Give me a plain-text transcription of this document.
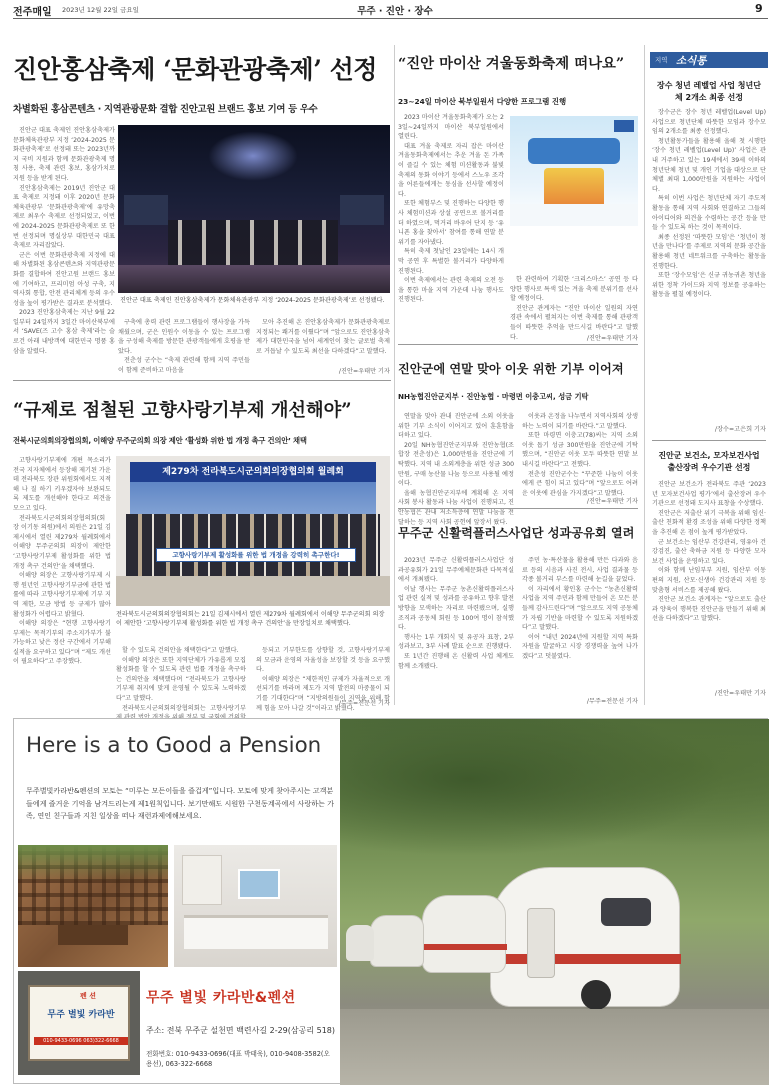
전주매일 2023년 12월 22일 금요일	무주 · 진안 · 장수	9
진안홍삼축제 ‘문화관광축제’ 선정
차별화된 홍삼콘텐츠 · 지역관광문화 결합 진안고원 브랜드 홍보 기여 등 우수

진안군 대표 축제인 진안홍삼축제가 문화체육관광부 지정 ‘2024-2025 문화관광축제’로 선정돼 또는 2023년까지 국비 지원과 함께 문화관광축제 명칭 사용, 축제 관련 홍보, 홍삼가치로 지원 등을 받게 된다.

진안홍삼축제는 2019년 진안군 대표 축제로 지정돼 이후 2020년 문화체육관광부 ‘문화관광축제’에 유망축제로 최우수 축제로 선정되었고, 이번에 2024-2025 문화관광축제로 또 한번 선정되며 명실상부 대한민국 대표축제로 자리잡았다.

군은 이번 문화관광축제 지정에 대해 차별화된 홍삼콘텐츠와 지역관광문화를 결합하여 진안고원 브랜드 홍보에 기여하고, 프리미엄 아성 구축, 지역사회 통합, 안전 관리체계 등의 우수성을 높이 평가받은 결과로 분석했다.

2023 진안홍삼축제는 지난 9월 22일부터 24일까지 3일간 마이산북부에서 ‘SAVE(즈 고수 홍삼 축제’라는 슬로건 아래 내방객에 대한민국 명품 홍삼을 알렸다.

진안군 대표 축제인 진안홍삼축제가 문화체육관광부 지정 ‘2024-2025 문화관광축제’로 선정됐다.

구축에 총력 관련 프로그램들이 행사장을 가득 채웠으며, 군은 인원수 이동을 수 있는 프로그램을 구성해 축제를 방문한 관광객들에게 호평을 받았다.

전춘성 군수는 “축제 관련해 함께 지역 주민들이 함께 준비하고 마음을

모아 추진해 온 진안홍삼축제가 문화관광축제로 지정되는 쾌거를 이뤘다”며 “앞으로도 진안홍삼축제가 대한민국을 넘어 세계인이 찾는 글로벌 축제로 거듭날 수 있도록 최선을 다하겠다”고 말했다.

/진안=우태만 기자
“진안 마이산 겨울동화축제 떠나요”
23~24일 마이산 북부일원서 다양한 프로그램 진행

2023 마이산 겨울동화축제가 오는 23일~24일까지 마이산 북부일원에서 열린다.

대표 겨울 축제로 자리 잡은 마이산 겨울동화축제에서는 추운 겨울 돈 가족이 즐길 수 있는 체험 미션활동과 불빛축제의 동화 이야기 등에서 스노우 조각을 어른들에게는 동심을 선사할 예정이다.

또한 체험부스 및 진행하는 다양한 행사 체험미션과 상설 공연으로 볼거리를 더 하였으며, 먹거리 바우어 단지 등 ‘유니폰 홍을 찾아서’ 참여를 통해 연말 분위기를 자아냈다.

특히 축제 첫날인 23일에는 14시 개막 공연 후 특별한 볼거리가 다양하게 진행된다.

이번 축제에서는 관련 축제의 오전 등을 통한 마을 지역 가운데 나눔 행사도 진행된다.

한 관련하여 기획한 ‘크리스마스’ 공연 등 다양한 행사로 특색 있는 겨울 축제 분위기를 선사할 예정이다.

진안군 관계자는 “진안 마이산 일원의 자연 경관 속에서 펼쳐지는 이번 축제를 통해 관광객들이 따뜻한 추억을 만드시길 바란다”고 말했다.	/진안=우태만 기자
진안군에 연말 맞아 이웃 위한 기부 이어져
NH농협진안군지부 · 진안농협 · 마령면 이충고씨, 성금 기탁

연말을 맞아 관내 진안군에 소외 이웃을 위한 기부 소식이 이어지고 있어 훈훈함을 더하고 있다.

20일 NH농협진안군지부와 진안농협(조합장 전춘성)은 1,000만원을 진안군에 기탁했다. 지역 내 소외계층을 위한 성금 300만원, 구매 농산물 나눔 등으로 사용될 예정이다.

올해 농협진안군지부에 계획해 온 지역 사회 봉사 활동과 나눔 사업이 진행되고, 진안농협은 관내 저소득층에 연말 나눔을 전달하는 등 지역 사회 공헌에 앞장서 왔다.

이웃과 온정을 나누면서 지역사회의 상생하는 노력이 되기를 바란다.”고 말했다.

또한 마령면 이충고(78)씨는 지역 소외이웃 돕기 성금 300만원을 진안군에 기탁했으며, “진안군 이웃 모두 따뜻한 연말 보내시길 바란다”고 전했다.

전춘성 진안군수는 “꾸준한 나눔이 이웃에게 큰 힘이 되고 있다”며 “앞으로도 어려운 이웃에 관심을 가지겠다”고 말했다.

/진안=우태만 기자
“규제로 점철된 고향사랑기부제 개선해야”
전북시군의회의장협의회, 이해양 무주군의회 의장 제안 ‘활성화 위한 법 개정 촉구 건의안’ 채택

고향사랑기부제에 개편 목소리가 전국 지자체에서 등장해 제기된 가운데 전라북도 장관 위원회에서도 지적해 나 질 하기 키우겠자야 보완되도록 제도를 개선해야 한다고 의견을 모으고 있다.

전라북도시군의회의장협의회(회장 이기동 의원)에서 의원은 21일 김제시에서 열린 제279차 월례회에서 이해양 무주군의회 의장이 제안한 ‘고향사랑기부제 활성화를 위한 법 개정 촉구 건의안’을 채택했다.

이해양 의장은 고향사랑기부제 시행 원년인 고향사랑기부금에 관한 법률에 따라 고향사랑기부제에 기부 지역 제한, 모금 방법 등 규제가 많아 활성화가 어렵다고 밝혔다.

이해양 의장은 “현행 고향사랑기부제는 목적기부의 주소지가부가 불가능하고 낮은 정산 구간에서 기부해 실적을 요구하고 있다”며 “제도 개선이 필요하다”고 주장했다.

제279차 전라북도시군의회의장협의회 월례회
고향사랑기부제 활성화를 위한 법 개정을 강력히 촉구한다!
전라북도시군의회의장협의회는 21일 김제시에서 열린 제279차 월례회에서 이해양 무주군의회 의장이 제안한 ‘고향사랑기부제 활성화를 위한 법 개정 촉구 건의안’을 만장일치로 채택했다.

할 수 있도록 건의안을 채택한다”고 말했다.

이해양 의장은 또한 지역단체가 가유롭게 모집활성화를 할 수 있도록 관련 법률 개정을 촉구하는 건의안을 채택했다며 “전라북도가 고향사랑기부제 취지에 맞게 운영될 수 있도록 노력하겠다”고 말했다.

전라북도시군의회의장협의회는 고향사랑기부

등되고 기부한도를 상향할 것, 고향사랑기부제의 모금과 운영의 자율성을 보장할 것 등을 요구했다.

이해양 의장은 “제한적인 규제가 자율적으로 개선되기를 바라며 제도가 지역 발전의 마중물이 되기를 기대한다”며 “지방의원들이 지역을 위해 함께 힘을 모아 나갈 것”이라고 밝혔다.

/무주=전문선 기자
무주군 신활력플러스사업단 성과공유회 열려

2023년 무주군 신활력플러스사업단 성과공유회가 21일 무주예체문화관 다목적실에서 개최됐다.

이날 행사는 무주군 농촌신활력플러스사업 관련 실적 및 성과를 공유하고 향후 발전 방향을 모색하는 자리로 마련됐으며, 실행 조직과 공동체 회원 등 100여 명이 참석했다.

행사는 1부 개회식 및 유공자 표창, 2부 성과보고, 3부 사례 발표 순으로 진행됐다.

또 1년간 진행해 온 신활력 사업 체계도 함께 소개됐다.

주민 농·특산물을 활용해 만든 다과와 음료 등의 시음과 사진 전시, 사업 결과물 등 각종 볼거리 부스를 마련해 눈길을 끌었다.

이 자리에서 황인홍 군수는 “농촌신활력 사업을 지역 주민과 함께 만들어 온 모든 분들께 감사드린다”며 “앞으로도 지역 공동체가 자립 기반을 마련할 수 있도록 지원하겠다”고 말했다.

이어 “내년 2024년에 지원할 지역 특화 자원을 발굴하고 시장 경쟁력을 높여 나가겠다”고 덧붙였다.

/무주=전문선 기자
지역 소식통
장수 청년 레벨업 사업 청년단체 2개소 최종 선정

장수군은 장수 청년 레벨업(Level Up) 사업으로 청년단체 따뜻한 모임과 장수모임의 2개소를 최종 선정했다.

청년활동가들을 활용해 올해 첫 시행한 ‘장수 청년 레벨업(Level Up)’ 사업은 관내 거주하고 있는 19세에서 39세 이하의 청년단체 청년 및 개인 기업을 대상으로 단체별 최대 1,000만원을 지원하는 사업이다.

특히 이번 사업은 청년단체 자기 주도적 활동을 통해 지역 사회와 연결하고 그들의 아이디어와 의견을 수렴하는 공간 등을 만들 수 있도록 하는 것이 목적이다.

최종 선정된 ‘따뜻한 모임’은 ‘청년이 청년을 만나다’를 주제로 지역의 문화 공간을 활용해 청년 네트워크를 구축하는 활동을 진행한다.

또한 ‘장수모임’은 신규 귀농귀촌 청년을 위한 정착 가이드와 지역 정보를 공유하는 활동을 펼칠 예정이다.

/장수=고은희 기자
진안군 보건소, 모자보건사업 출산장려 우수기관 선정

진안군 보건소가 전라북도 주관 ‘2023년 모자보건사업 평가’에서 출산장려 우수기관으로 선정돼 도지사 표창을 수상했다.

진안군은 저출산 위기 극복을 위해 임신·출산 친화적 환경 조성을 위해 다양한 정책을 추진해 온 점이 높게 평가받았다.

군 보건소는 임산부 건강관리, 영유아 건강검진, 출산 축하금 지원 등 다양한 모자보건 사업을 운영하고 있다.

이와 함께 난임부부 지원, 임산부 이동 편의 지원, 산모·신생아 건강관리 지원 등 맞춤형 서비스를 제공해 왔다.

진안군 보건소 관계자는 “앞으로도 출산과 양육이 행복한 진안군을 만들기 위해 최선을 다하겠다”고 말했다.

/진안=우태만 기자
Here is a to Good a Pension
무주별빛카라반&펜션의 모토는 “미루는 모든이들을 즐겁게”입니다. 모토에 맞게 찾아주시는 고객분들에게 즐거운 기억을 남겨드리는게 제1원칙입니다. 보기만해도 시원한 구천동계곡에서 사랑하는 가족, 연인 친구들과 지친 일상을 떠나 재런과제에해보세요.
펜 션
무주 별빛 카라반
010-9433-0696 063)322-6668
무주 별빛 카라반&펜션
주소: 전북 무주군 설천면 백련사길 2-29(삼공리 518)
전화번호: 010-9433-0696(대표 박태욱), 010-9408-3582(오용선), 063-322-6668
